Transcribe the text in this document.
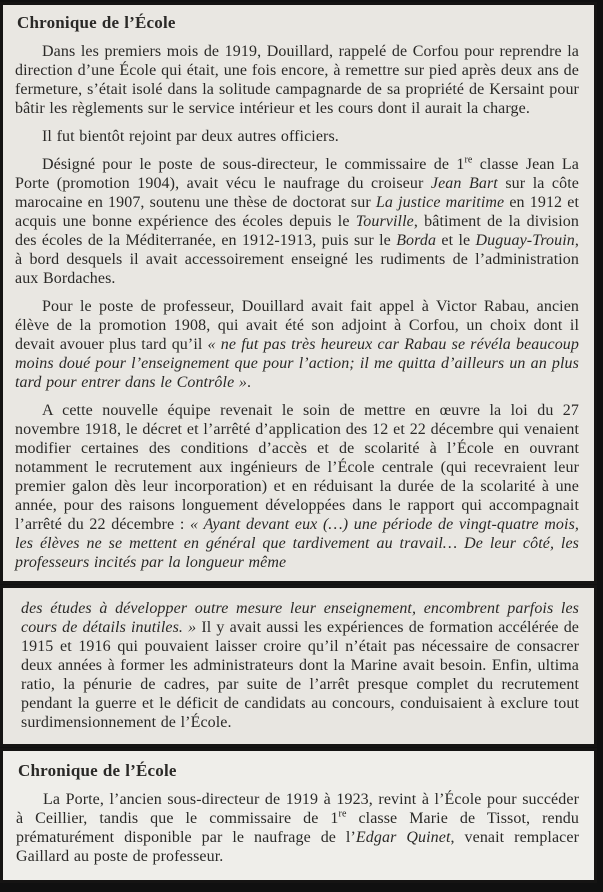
Chronique de l’École

Dans les premiers mois de 1919, Douillard, rappelé de Corfou pour reprendre la direction d’une École qui était, une fois encore, à remettre sur pied après deux ans de fermeture, s’était isolé dans la solitude campagnarde de sa propriété de Kersaint pour bâtir les règlements sur le service intérieur et les cours dont il aurait la charge.

Il fut bientôt rejoint par deux autres officiers.

Désigné pour le poste de sous-directeur, le commissaire de 1re classe Jean La Porte (promotion 1904), avait vécu le naufrage du croiseur Jean Bart sur la côte marocaine en 1907, soutenu une thèse de doctorat sur La justice maritime en 1912 et acquis une bonne expérience des écoles depuis le Tourville, bâtiment de la division des écoles de la Méditerranée, en 1912-1913, puis sur le Borda et le Duguay-Trouin, à bord desquels il avait accessoirement enseigné les rudiments de l’administration aux Bordaches.

Pour le poste de professeur, Douillard avait fait appel à Victor Rabau, ancien élève de la promotion 1908, qui avait été son adjoint à Corfou, un choix dont il devait avouer plus tard qu’il « ne fut pas très heureux car Rabau se révéla beaucoup moins doué pour l’enseignement que pour l’action; il me quitta d’ailleurs un an plus tard pour entrer dans le Contrôle ».

A cette nouvelle équipe revenait le soin de mettre en œuvre la loi du 27 novembre 1918, le décret et l’arrêté d’application des 12 et 22 décembre qui venaient modifier certaines des conditions d’accès et de scolarité à l’École en ouvrant notamment le recrutement aux ingénieurs de l’École centrale (qui recevraient leur premier galon dès leur incorporation) et en réduisant la durée de la scolarité à une année, pour des raisons longuement développées dans le rapport qui accompagnait l’arrêté du 22 décembre : « Ayant devant eux (…) une période de vingt-quatre mois, les élèves ne se mettent en général que tardivement au travail… De leur côté, les professeurs incités par la longueur même

des études à développer outre mesure leur enseignement, encombrent parfois les cours de détails inutiles. » Il y avait aussi les expériences de formation accélérée de 1915 et 1916 qui pouvaient laisser croire qu’il n’était pas nécessaire de consacrer deux années à former les administrateurs dont la Marine avait besoin. Enfin, ultima ratio, la pénurie de cadres, par suite de l’arrêt presque complet du recrutement pendant la guerre et le déficit de candidats au concours, conduisaient à exclure tout surdimensionnement de l’École.

Chronique de l’École

La Porte, l’ancien sous-directeur de 1919 à 1923, revint à l’École pour succéder à Ceillier, tandis que le commissaire de 1re classe Marie de Tissot, rendu prématurément disponible par le naufrage de l’Edgar Quinet, venait remplacer Gaillard au poste de professeur.
